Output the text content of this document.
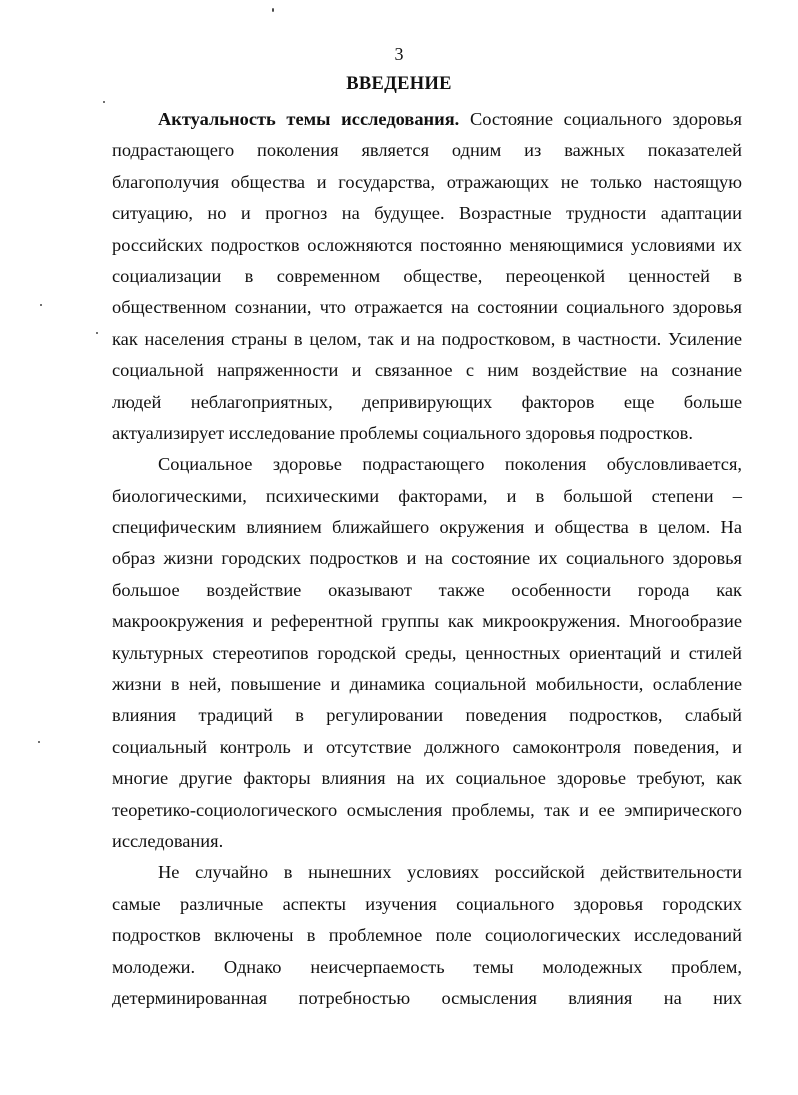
3
ВВЕДЕНИЕ
Актуальность темы исследования. Состояние социального здоровья
подрастающего поколения является одним из важных показателей
благополучия общества и государства, отражающих не только настоящую
ситуацию, но и прогноз на будущее. Возрастные трудности адаптации
российских подростков осложняются постоянно меняющимися условиями их
социализации в современном обществе, переоценкой ценностей в
общественном сознании, что отражается на состоянии социального здоровья
как населения страны в целом, так и на подростковом, в частности. Усиление
социальной напряженности и связанное с ним воздействие на сознание
людей неблагоприятных, депривирующих факторов еще больше
актуализирует исследование проблемы социального здоровья подростков.
Социальное здоровье подрастающего поколения обусловливается,
биологическими, психическими факторами, и в большой степени –
специфическим влиянием ближайшего окружения и общества в целом. На
образ жизни городских подростков и на состояние их социального здоровья
большое воздействие оказывают также особенности города как
макроокружения и референтной группы как микроокружения. Многообразие
культурных стереотипов городской среды, ценностных ориентаций и стилей
жизни в ней, повышение и динамика социальной мобильности, ослабление
влияния традиций в регулировании поведения подростков, слабый
социальный контроль и отсутствие должного самоконтроля поведения, и
многие другие факторы влияния на их социальное здоровье требуют, как
теоретико-социологического осмысления проблемы, так и ее эмпирического
исследования.
Не случайно в нынешних условиях российской действительности
самые различные аспекты изучения социального здоровья городских
подростков включены в проблемное поле социологических исследований
молодежи. Однако неисчерпаемость темы молодежных проблем,
детерминированная потребностью осмысления влияния на них
